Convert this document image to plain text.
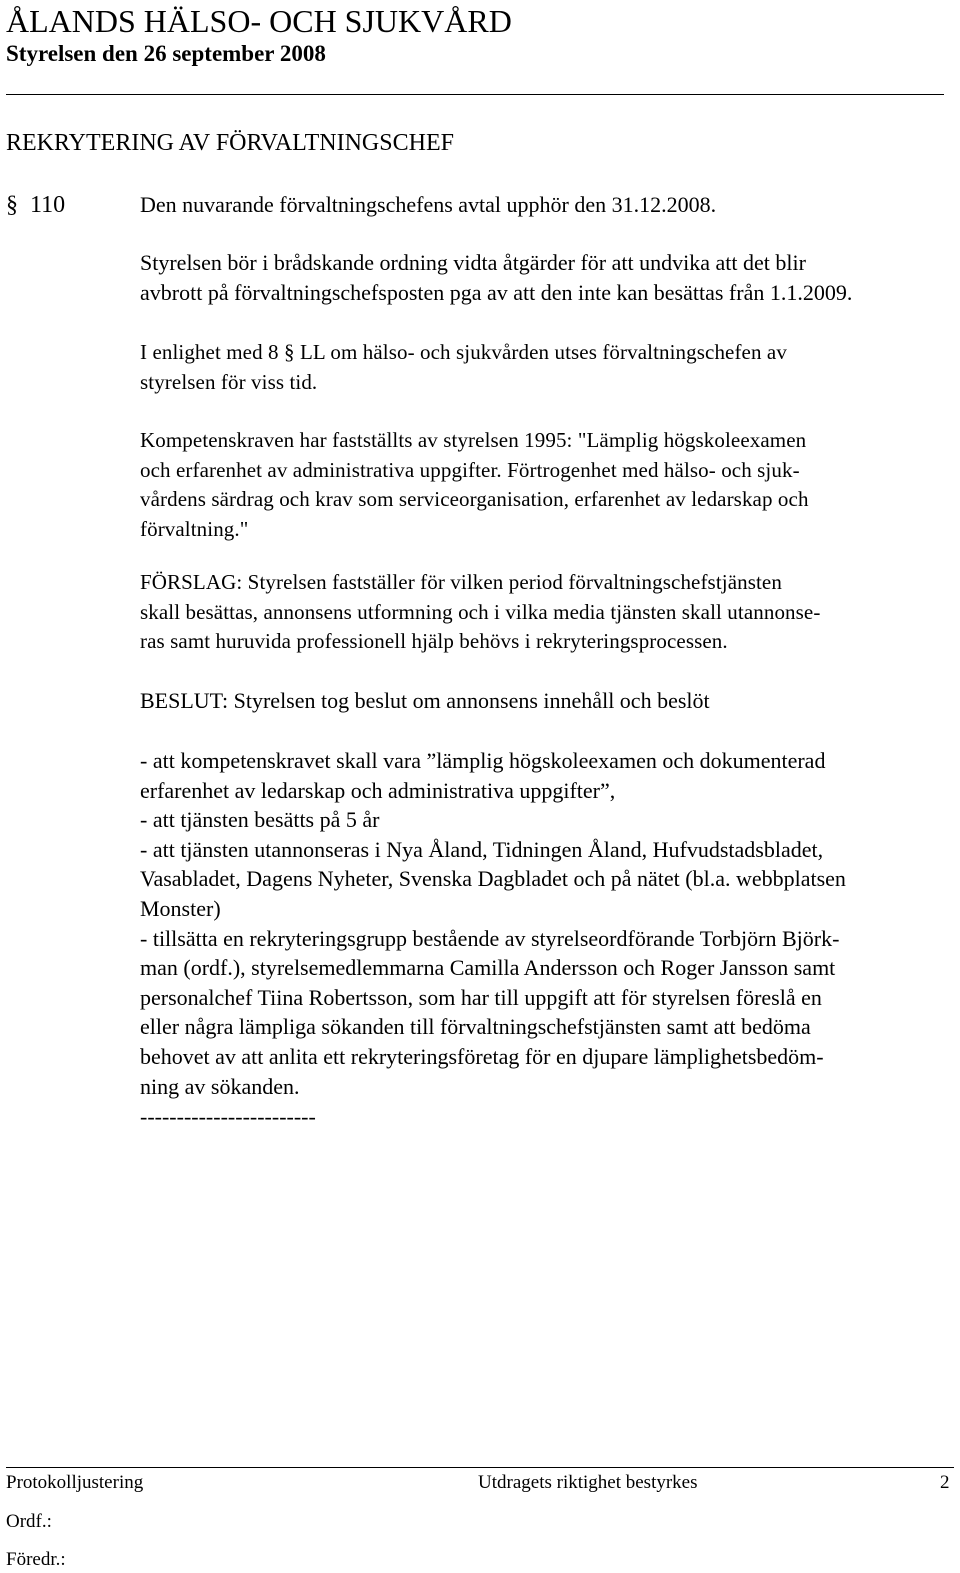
ÅLANDS HÄLSO- OCH SJUKVÅRD
Styrelsen den 26 september 2008
REKRYTERING AV FÖRVALTNINGSCHEF
§ 110	Den nuvarande förvaltningschefens avtal upphör den 31.12.2008.
Styrelsen bör i brådskande ordning vidta åtgärder för att undvika att det blir
avbrott på förvaltningschefsposten pga av att den inte kan besättas från 1.1.2009.
I enlighet med 8 § LL om hälso- och sjukvården utses förvaltningschefen av
styrelsen för viss tid.
Kompetenskraven har fastställts av styrelsen 1995: "Lämplig högskoleexamen
och erfarenhet av administrativa uppgifter. Förtrogenhet med hälso- och sjuk-
vårdens särdrag och krav som serviceorganisation, erfarenhet av ledarskap och
förvaltning."
FÖRSLAG: Styrelsen fastställer för vilken period förvaltningschefstjänsten
skall besättas, annonsens utformning och i vilka media tjänsten skall utannonse-
ras samt huruvida professionell hjälp behövs i rekryteringsprocessen.
BESLUT: Styrelsen tog beslut om annonsens innehåll och beslöt
- att kompetenskravet skall vara ”lämplig högskoleexamen och dokumenterad
erfarenhet av ledarskap och administrativa uppgifter”,
- att tjänsten besätts på 5 år
- att tjänsten utannonseras i Nya Åland, Tidningen Åland, Hufvudstadsbladet,
Vasabladet, Dagens Nyheter, Svenska Dagbladet och på nätet (bl.a. webbplatsen
Monster)
- tillsätta en rekryteringsgrupp bestående av styrelseordförande Torbjörn Björk-
man (ordf.), styrelsemedlemmarna Camilla Andersson och Roger Jansson samt
personalchef Tiina Robertsson, som har till uppgift att för styrelsen föreslå en
eller några lämpliga sökanden till förvaltningschefstjänsten samt att bedöma
behovet av att anlita ett rekryteringsföretag för en djupare lämplighetsbedöm-
ning av sökanden.
------------------------
Protokolljustering	Utdragets riktighet bestyrkes	2
Ordf.:
Föredr.:
